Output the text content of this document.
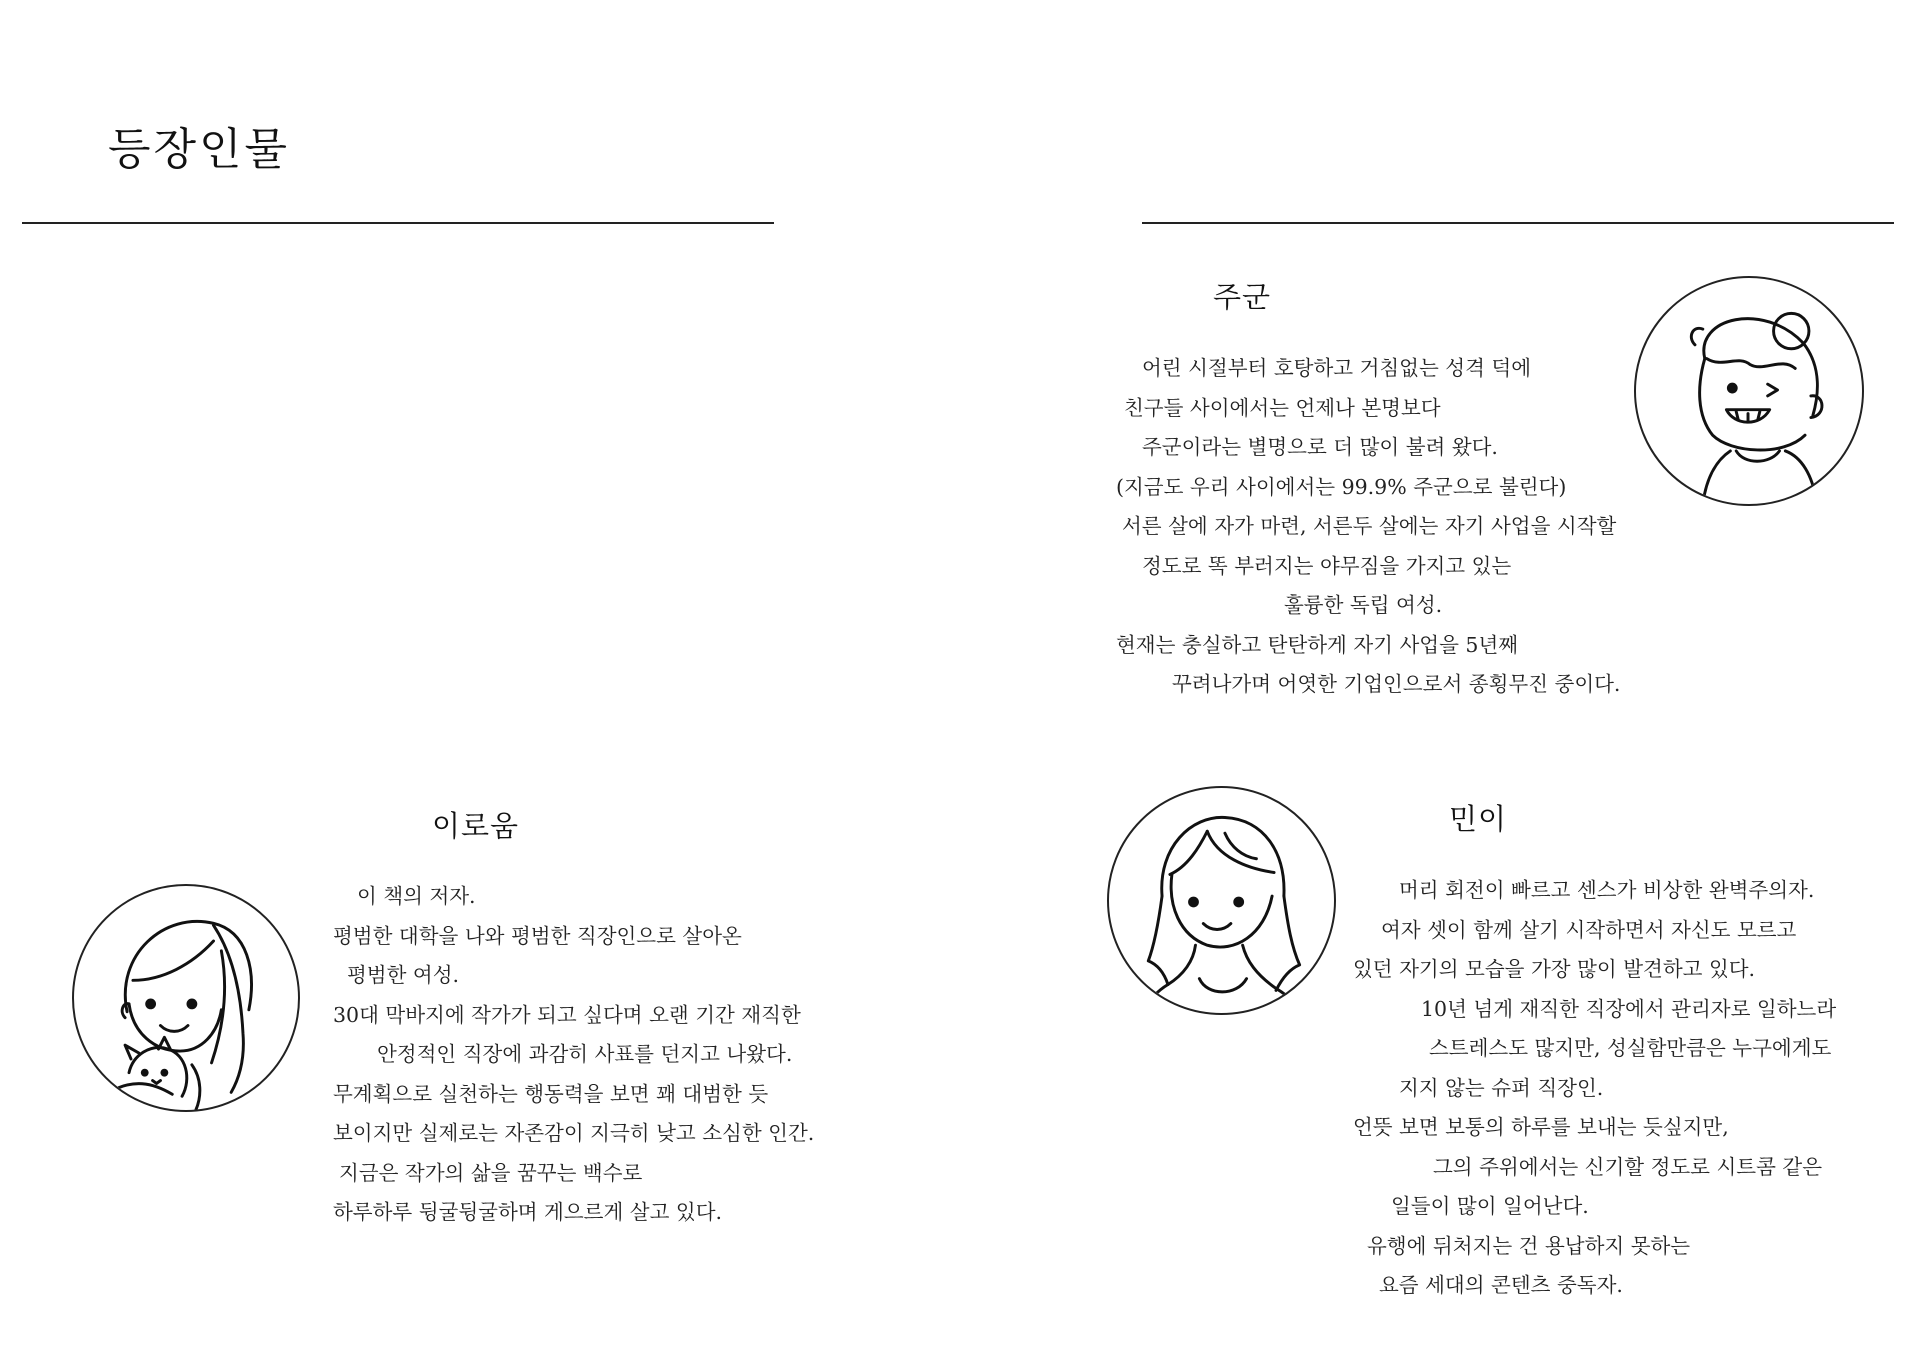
등장인물
주군
어린 시절부터 호탕하고 거침없는 성격 덕에
친구들 사이에서는 언제나 본명보다
주군이라는 별명으로 더 많이 불려 왔다.
(지금도 우리 사이에서는 99.9% 주군으로 불린다)
서른 살에 자가 마련, 서른두 살에는 자기 사업을 시작할
정도로 똑 부러지는 야무짐을 가지고 있는
훌륭한 독립 여성.
현재는 충실하고 탄탄하게 자기 사업을 5년째
꾸려나가며 어엿한 기업인으로서 종횡무진 중이다.
이로움
이 책의 저자.
평범한 대학을 나와 평범한 직장인으로 살아온
평범한 여성.
30대 막바지에 작가가 되고 싶다며 오랜 기간 재직한
안정적인 직장에 과감히 사표를 던지고 나왔다.
무계획으로 실천하는 행동력을 보면 꽤 대범한 듯
보이지만 실제로는 자존감이 지극히 낮고 소심한 인간.
지금은 작가의 삶을 꿈꾸는 백수로
하루하루 뒹굴뒹굴하며 게으르게 살고 있다.
민이
머리 회전이 빠르고 센스가 비상한 완벽주의자.
여자 셋이 함께 살기 시작하면서 자신도 모르고
있던 자기의 모습을 가장 많이 발견하고 있다.
10년 넘게 재직한 직장에서 관리자로 일하느라
스트레스도 많지만, 성실함만큼은 누구에게도
지지 않는 슈퍼 직장인.
언뜻 보면 보통의 하루를 보내는 듯싶지만,
그의 주위에서는 신기할 정도로 시트콤 같은
일들이 많이 일어난다.
유행에 뒤처지는 건 용납하지 못하는
요즘 세대의 콘텐츠 중독자.
